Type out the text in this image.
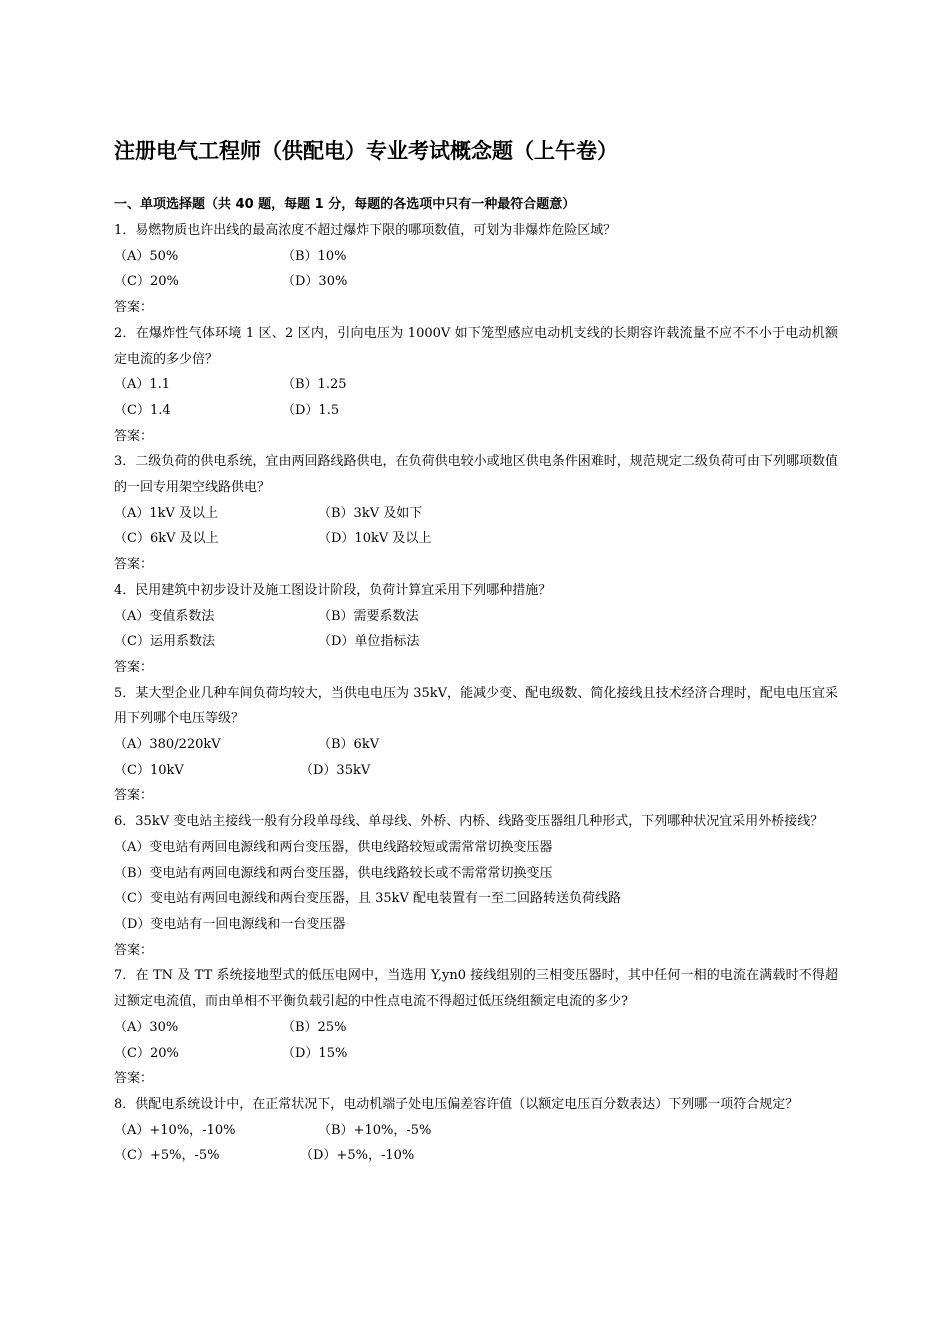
注册电气工程师（供配电）专业考试概念题（上午卷）
一、单项选择题（共 40 题，每题 1 分，每题的各选项中只有一种最符合题意）
1．易燃物质也许出线的最高浓度不超过爆炸下限的哪项数值，可划为非爆炸危险区域？
（A）50%	（B）10%
（C）20%	（D）30%
答案：
2．在爆炸性气体环境 1 区、2 区内，引向电压为 1000V 如下笼型感应电动机支线的长期容许载流量不应不不小于电动机额定电流的多少倍？
（A）1.1	（B）1.25
（C）1.4	（D）1.5
答案：
3．二级负荷的供电系统，宜由两回路线路供电，在负荷供电较小或地区供电条件困难时，规范规定二级负荷可由下列哪项数值的一回专用架空线路供电？
（A）1kV 及以上	（B）3kV 及如下
（C）6kV 及以上	（D）10kV 及以上
答案：
4．民用建筑中初步设计及施工图设计阶段，负荷计算宜采用下列哪种措施？
（A）变值系数法	（B）需要系数法
（C）运用系数法	（D）单位指标法
答案：
5．某大型企业几种车间负荷均较大，当供电电压为 35kV，能减少变、配电级数、简化接线且技术经济合理时，配电电压宜采用下列哪个电压等级？
（A）380/220kV	（B）6kV
（C）10kV	（D）35kV
答案：
6．35kV 变电站主接线一般有分段单母线、单母线、外桥、内桥、线路变压器组几种形式，下列哪种状况宜采用外桥接线？
（A）变电站有两回电源线和两台变压器，供电线路较短或需常常切换变压器
（B）变电站有两回电源线和两台变压器，供电线路较长或不需常常切换变压
（C）变电站有两回电源线和两台变压器，且 35kV 配电装置有一至二回路转送负荷线路
（D）变电站有一回电源线和一台变压器
答案：
7．在 TN 及 TT 系统接地型式的低压电网中，当选用 Y,yn0 接线组别的三相变压器时，其中任何一相的电流在满载时不得超过额定电流值，而由单相不平衡负载引起的中性点电流不得超过低压绕组额定电流的多少?
（A）30%	（B）25%
（C）20%	（D）15%
答案：
8．供配电系统设计中，在正常状况下，电动机端子处电压偏差容许值（以额定电压百分数表达）下列哪一项符合规定？
（A）+10%，-10%	（B）+10%，-5%
（C）+5%，-5%	（D）+5%，-10%
